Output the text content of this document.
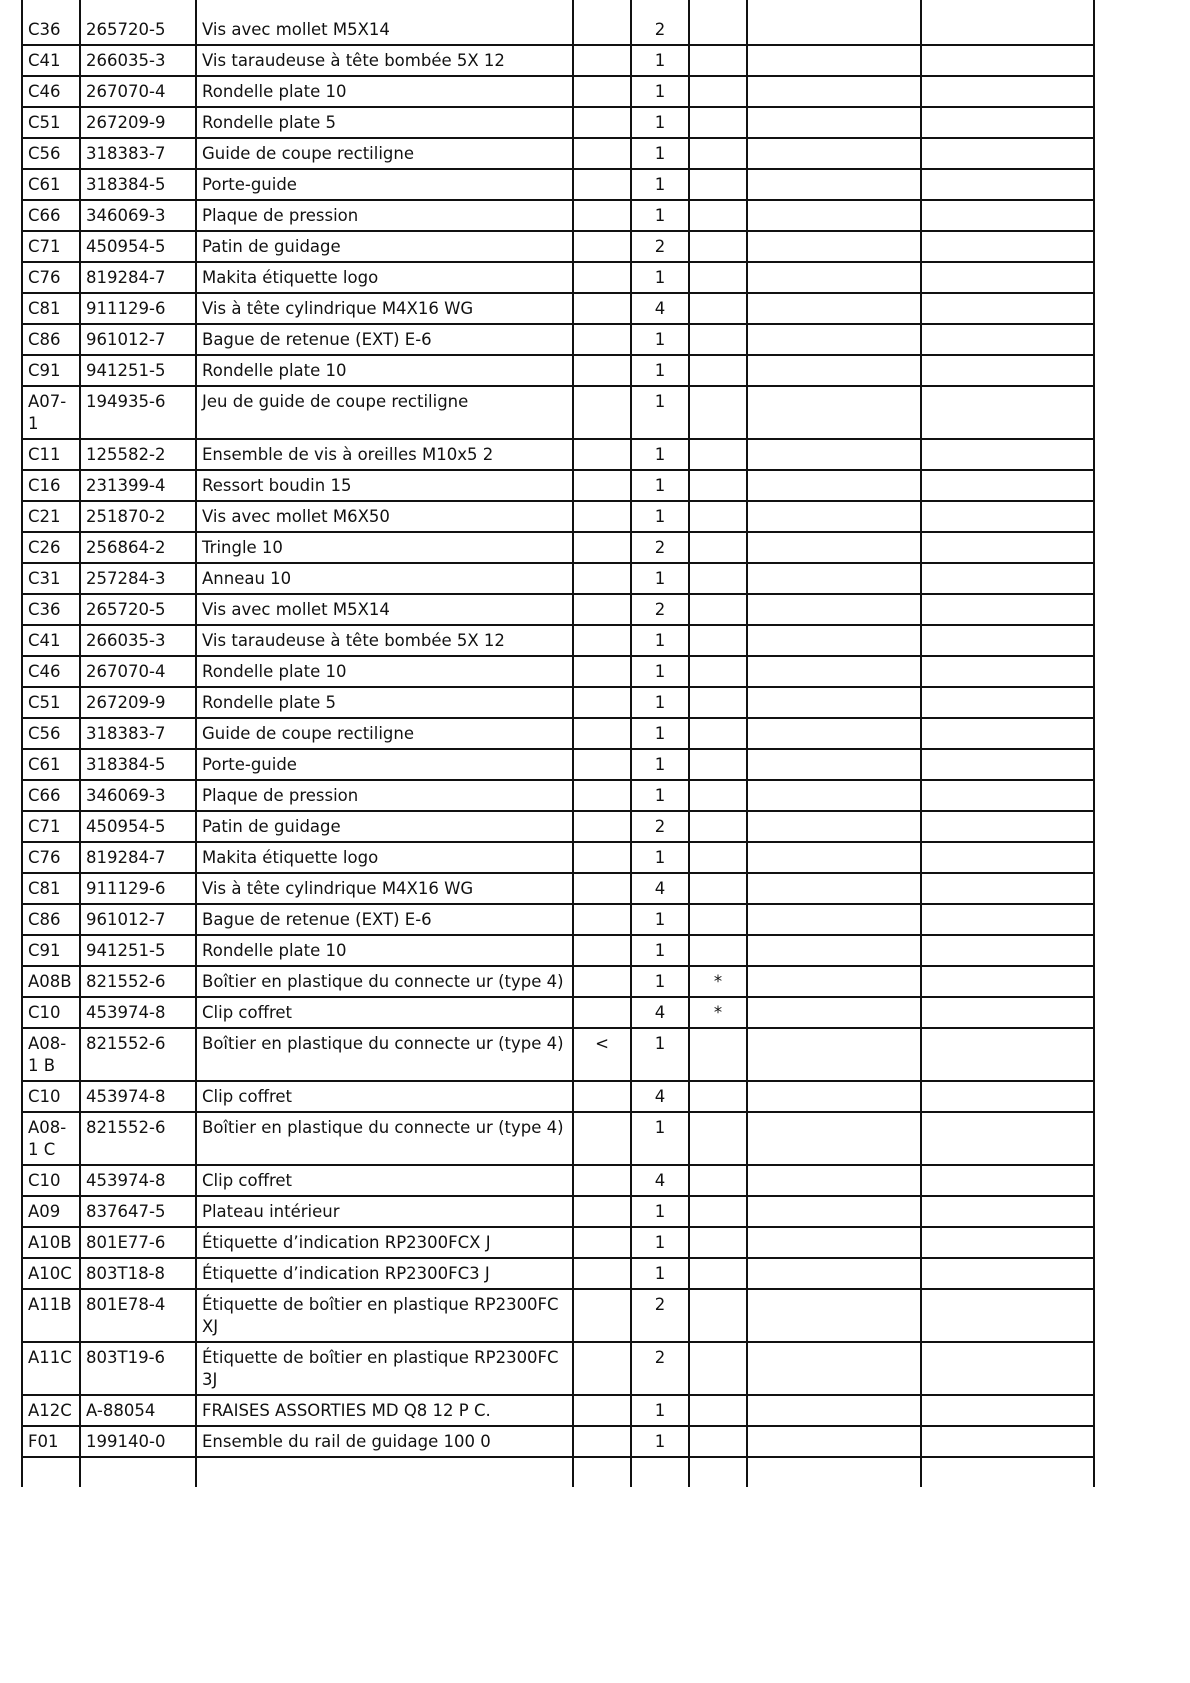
C36	265720-5	Vis avec mollet M5X14		2			
C41	266035-3	Vis taraudeuse à tête bombée 5X 12		1			
C46	267070-4	Rondelle plate 10		1			
C51	267209-9	Rondelle plate 5		1			
C56	318383-7	Guide de coupe rectiligne		1			
C61	318384-5	Porte-guide		1			
C66	346069-3	Plaque de pression		1			
C71	450954-5	Patin de guidage		2			
C76	819284-7	Makita étiquette logo		1			
C81	911129-6	Vis à tête cylindrique M4X16 WG		4			
C86	961012-7	Bague de retenue (EXT) E-6		1			
C91	941251-5	Rondelle plate 10		1			
A07-1	194935-6	Jeu de guide de coupe rectiligne		1			
C11	125582-2	Ensemble de vis à oreilles M10x5 2		1			
C16	231399-4	Ressort boudin 15		1			
C21	251870-2	Vis avec mollet M6X50		1			
C26	256864-2	Tringle 10		2			
C31	257284-3	Anneau 10		1			
C36	265720-5	Vis avec mollet M5X14		2			
C41	266035-3	Vis taraudeuse à tête bombée 5X 12		1			
C46	267070-4	Rondelle plate 10		1			
C51	267209-9	Rondelle plate 5		1			
C56	318383-7	Guide de coupe rectiligne		1			
C61	318384-5	Porte-guide		1			
C66	346069-3	Plaque de pression		1			
C71	450954-5	Patin de guidage		2			
C76	819284-7	Makita étiquette logo		1			
C81	911129-6	Vis à tête cylindrique M4X16 WG		4			
C86	961012-7	Bague de retenue (EXT) E-6		1			
C91	941251-5	Rondelle plate 10		1			
A08B	821552-6	Boîtier en plastique du connecte ur (type 4)		1	*		
C10	453974-8	Clip coffret		4	*		
A08-1 B	821552-6	Boîtier en plastique du connecte ur (type 4)	<	1			
C10	453974-8	Clip coffret		4			
A08-1 C	821552-6	Boîtier en plastique du connecte ur (type 4)		1			
C10	453974-8	Clip coffret		4			
A09	837647-5	Plateau intérieur		1			
A10B	801E77-6	Étiquette d’indication RP2300FCX J		1			
A10C	803T18-8	Étiquette d’indication RP2300FC3 J		1			
A11B	801E78-4	Étiquette de boîtier en plastique RP2300FCXJ		2			
A11C	803T19-6	Étiquette de boîtier en plastique RP2300FC3J		2			
A12C	A-88054	FRAISES ASSORTIES MD Q8 12 P C.		1			
F01	199140-0	Ensemble du rail de guidage 100 0		1			
